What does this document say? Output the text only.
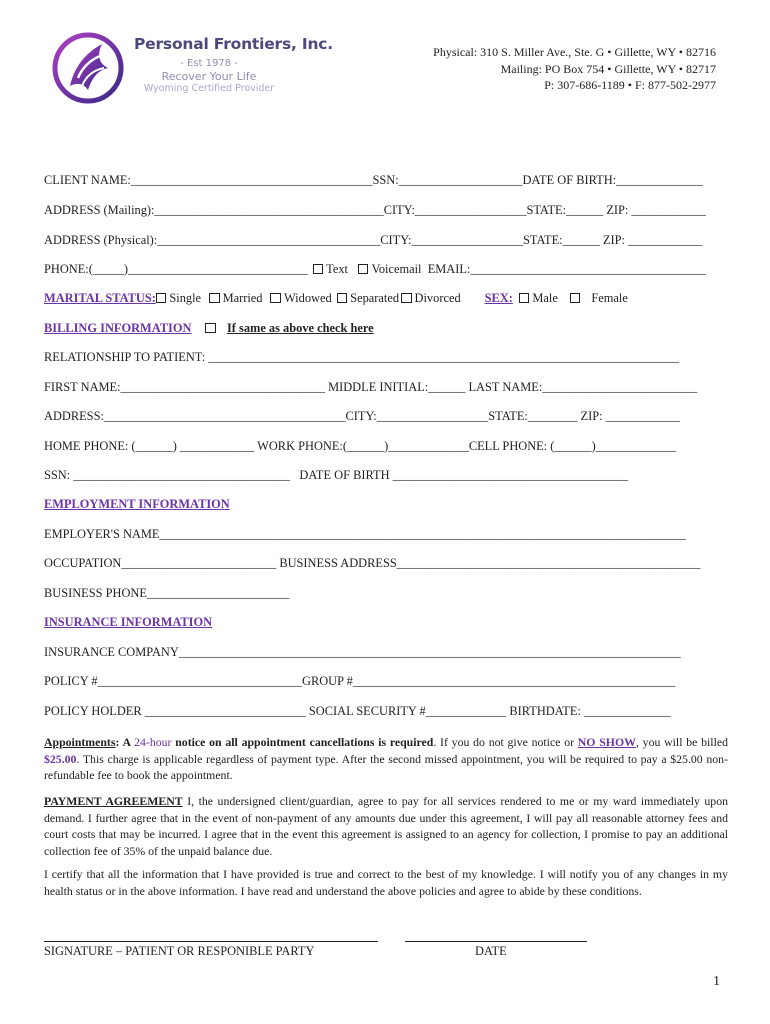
Personal Frontiers, Inc.
- Est 1978 -
Recover Your Life
Wyoming Certified Provider
Physical: 310 S. Miller Ave., Ste. G • Gillette, WY • 82716
Mailing: PO Box 754 • Gillette, WY • 82717
P: 307-686-1189 • F: 877-502-2977
CLIENT NAME:_______________________________________SSN:____________________DATE OF BIRTH:______________
ADDRESS (Mailing):_____________________________________CITY:__________________STATE:______ ZIP: ____________
ADDRESS (Physical):____________________________________CITY:__________________STATE:______ ZIP: ____________
PHONE:(_____)_____________________________ Text Voicemail  EMAIL:______________________________________
MARITAL STATUS: Single Married Widowed Separated Divorced SEX: Male	Female
BILLING INFORMATION	If same as above check here
RELATIONSHIP TO PATIENT: ____________________________________________________________________________
FIRST NAME:_________________________________ MIDDLE INITIAL:______ LAST NAME:_________________________
ADDRESS:_______________________________________CITY:__________________STATE:________ ZIP: ____________
HOME PHONE: (______) ____________ WORK PHONE:(______)_____________CELL PHONE: (______)_____________
SSN: ___________________________________   DATE OF BIRTH ______________________________________
EMPLOYMENT INFORMATION
EMPLOYER'S NAME_____________________________________________________________________________________
OCCUPATION_________________________ BUSINESS ADDRESS_________________________________________________
BUSINESS PHONE_______________________
INSURANCE INFORMATION
INSURANCE COMPANY_________________________________________________________________________________
POLICY #_________________________________GROUP #____________________________________________________
POLICY HOLDER __________________________ SOCIAL SECURITY #_____________ BIRTHDATE: ______________
Appointments: A 24-hour notice on all appointment cancellations is required. If you do not give notice or NO SHOW, you will be billed $25.00. This charge is applicable regardless of payment type. After the second missed appointment, you will be required to pay a $25.00 non-refundable fee to book the appointment.
PAYMENT AGREEMENT I, the undersigned client/guardian, agree to pay for all services rendered to me or my ward immediately upon demand. I further agree that in the event of non-payment of any amounts due under this agreement, I will pay all reasonable attorney fees and court costs that may be incurred. I agree that in the event this agreement is assigned to an agency for collection, I promise to pay an additional collection fee of 35% of the unpaid balance due.
I certify that all the information that I have provided is true and correct to the best of my knowledge. I will notify you of any changes in my health status or in the above information. I have read and understand the above policies and agree to abide by these conditions.
SIGNATURE – PATIENT OR RESPONIBLE PARTY	DATE
1
